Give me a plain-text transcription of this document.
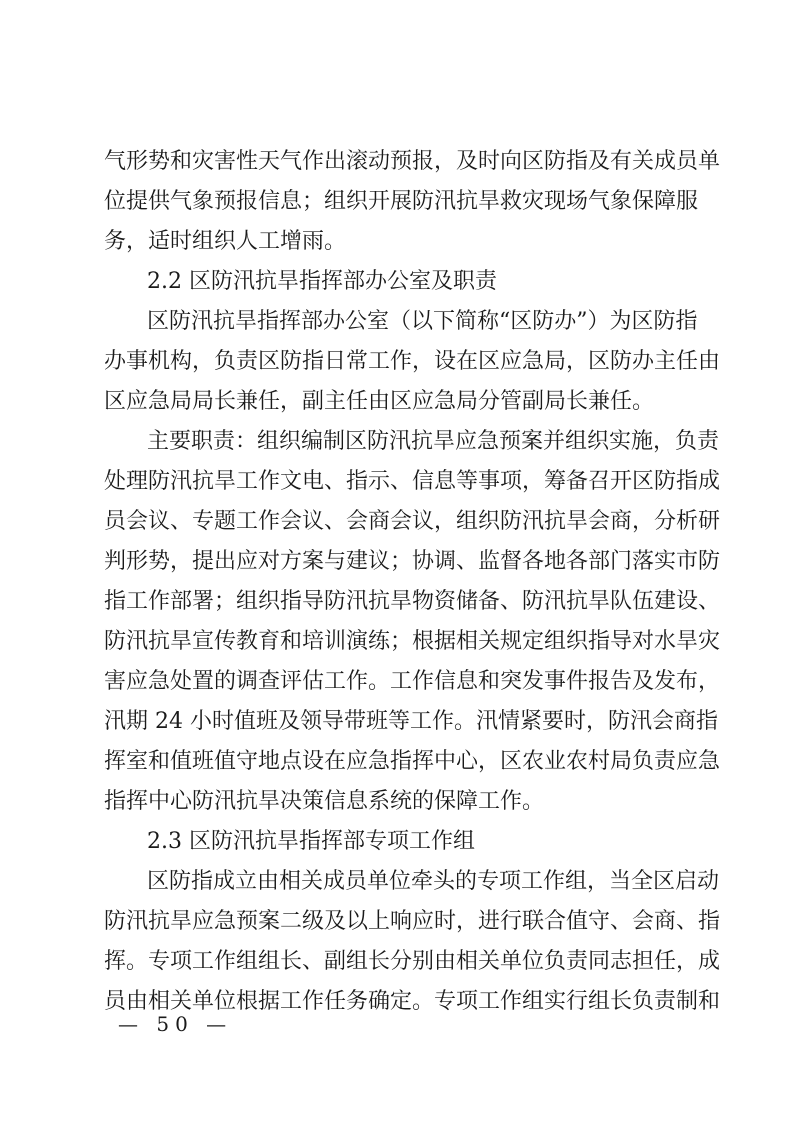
气形势和灾害性天气作出滚动预报，及时向区防指及有关成员单
位提供气象预报信息；组织开展防汛抗旱救灾现场气象保障服
务，适时组织人工增雨。
2.2 区防汛抗旱指挥部办公室及职责
区防汛抗旱指挥部办公室（以下简称“区防办”）为区防指
办事机构，负责区防指日常工作，设在区应急局，区防办主任由
区应急局局长兼任，副主任由区应急局分管副局长兼任。
主要职责：组织编制区防汛抗旱应急预案并组织实施，负责
处理防汛抗旱工作文电、指示、信息等事项，筹备召开区防指成
员会议、专题工作会议、会商会议，组织防汛抗旱会商，分析研
判形势，提出应对方案与建议；协调、监督各地各部门落实市防
指工作部署；组织指导防汛抗旱物资储备、防汛抗旱队伍建设、
防汛抗旱宣传教育和培训演练；根据相关规定组织指导对水旱灾
害应急处置的调查评估工作。工作信息和突发事件报告及发布，
汛期 24 小时值班及领导带班等工作。汛情紧要时，防汛会商指
挥室和值班值守地点设在应急指挥中心，区农业农村局负责应急
指挥中心防汛抗旱决策信息系统的保障工作。
2.3 区防汛抗旱指挥部专项工作组
区防指成立由相关成员单位牵头的专项工作组，当全区启动
防汛抗旱应急预案二级及以上响应时，进行联合值守、会商、指
挥。专项工作组组长、副组长分别由相关单位负责同志担任，成
员由相关单位根据工作任务确定。专项工作组实行组长负责制和
— 50 —
